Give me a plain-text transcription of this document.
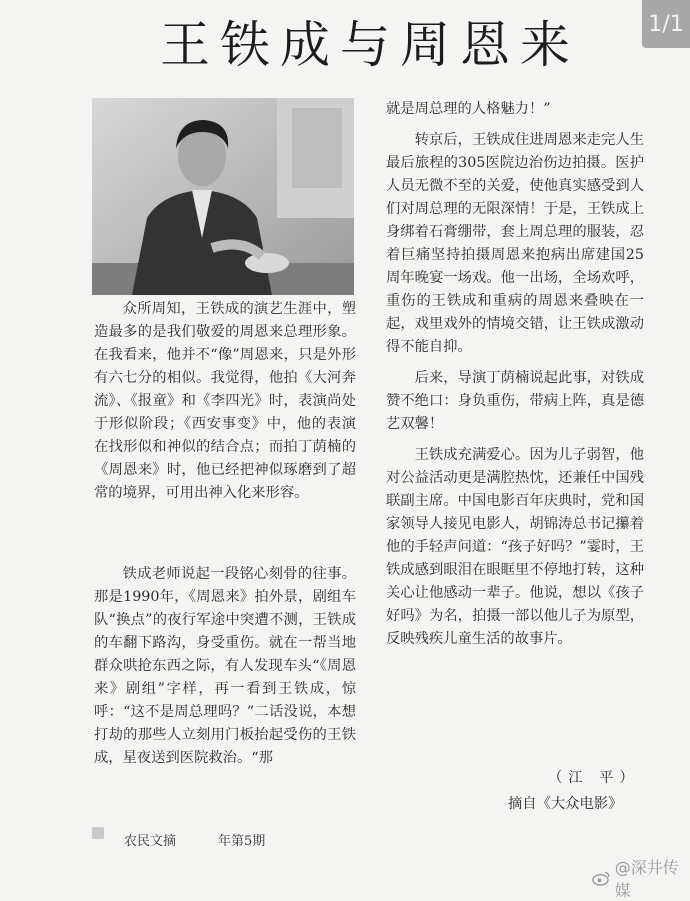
1/1
王铁成与周恩来

众所周知，王铁成的演艺生涯中，塑造最多的是我们敬爱的周恩来总理形象。在我看来，他并不“像”周恩来，只是外形有六七分的相似。我觉得，他拍《大河奔流》、《报童》和《李四光》时，表演尚处于形似阶段；《西安事变》中，他的表演在找形似和神似的结合点；而拍丁荫楠的《周恩来》时，他已经把神似琢磨到了超常的境界，可用出神入化来形容。

铁成老师说起一段铭心刻骨的往事。那是1990年，《周恩来》拍外景，剧组车队“换点”的夜行军途中突遭不测，王铁成的车翻下路沟，身受重伤。就在一帮当地群众哄抢东西之际，有人发现车头“《周恩来》剧组”字样，再一看到王铁成，惊呼：“这不是周总理吗？”二话没说，本想打劫的那些人立刻用门板抬起受伤的王铁成，星夜送到医院救治。“那

就是周总理的人格魅力！”

转京后，王铁成住进周恩来走完人生最后旅程的305医院边治伤边拍摄。医护人员无微不至的关爱，使他真实感受到人们对周总理的无限深情！于是，王铁成上身绑着石膏绷带，套上周总理的服装，忍着巨痛坚持拍摄周恩来抱病出席建国25周年晚宴一场戏。他一出场，全场欢呼，重伤的王铁成和重病的周恩来叠映在一起，戏里戏外的情境交错，让王铁成激动得不能自抑。

后来，导演丁荫楠说起此事，对铁成赞不绝口：身负重伤，带病上阵，真是德艺双馨！

王铁成充满爱心。因为儿子弱智，他对公益活动更是满腔热忱，还兼任中国残联副主席。中国电影百年庆典时，党和国家领导人接见电影人，胡锦涛总书记攥着他的手轻声问道：“孩子好吗？”霎时，王铁成感到眼泪在眼眶里不停地打转，这种关心让他感动一辈子。他说，想以《孩子好吗》为名，拍摄一部以他儿子为原型，反映残疾儿童生活的故事片。

（江 平）
摘自《大众电影》
农民文摘	年第5期
@深井传媒
